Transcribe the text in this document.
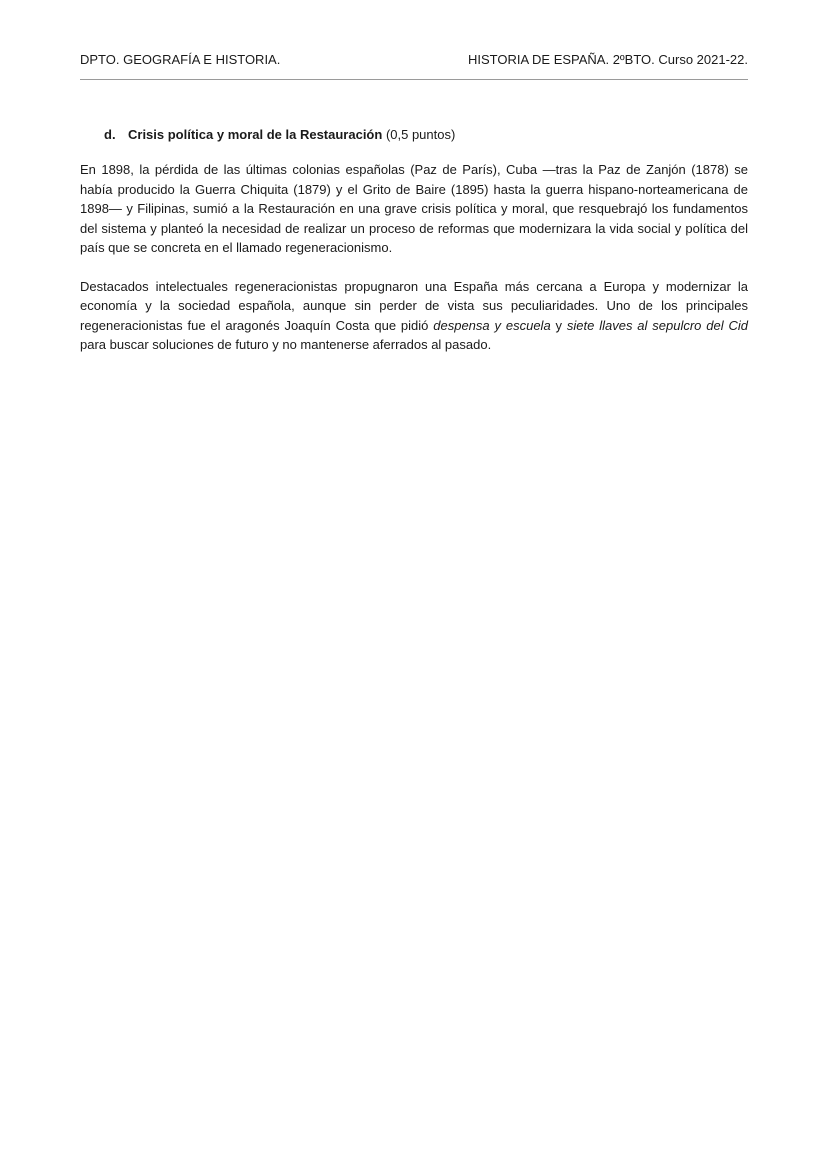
DPTO. GEOGRAFÍA E HISTORIA.	HISTORIA DE ESPAÑA. 2ºBTO. Curso 2021-22.
d. Crisis política y moral de la Restauración (0,5 puntos)

En 1898, la pérdida de las últimas colonias españolas (Paz de París), Cuba —tras la Paz de Zanjón (1878) se había producido la Guerra Chiquita (1879) y el Grito de Baire (1895) hasta la guerra hispano-norteamericana de 1898— y Filipinas, sumió a la Restauración en una grave crisis política y moral, que resquebrajó los fundamentos del sistema y planteó la necesidad de realizar un proceso de reformas que modernizara la vida social y política del país que se concreta en el llamado regeneracionismo.

Destacados intelectuales regeneracionistas propugnaron una España más cercana a Europa y modernizar la economía y la sociedad española, aunque sin perder de vista sus peculiaridades. Uno de los principales regeneracionistas fue el aragonés Joaquín Costa que pidió despensa y escuela y siete llaves al sepulcro del Cid para buscar soluciones de futuro y no mantenerse aferrados al pasado.
